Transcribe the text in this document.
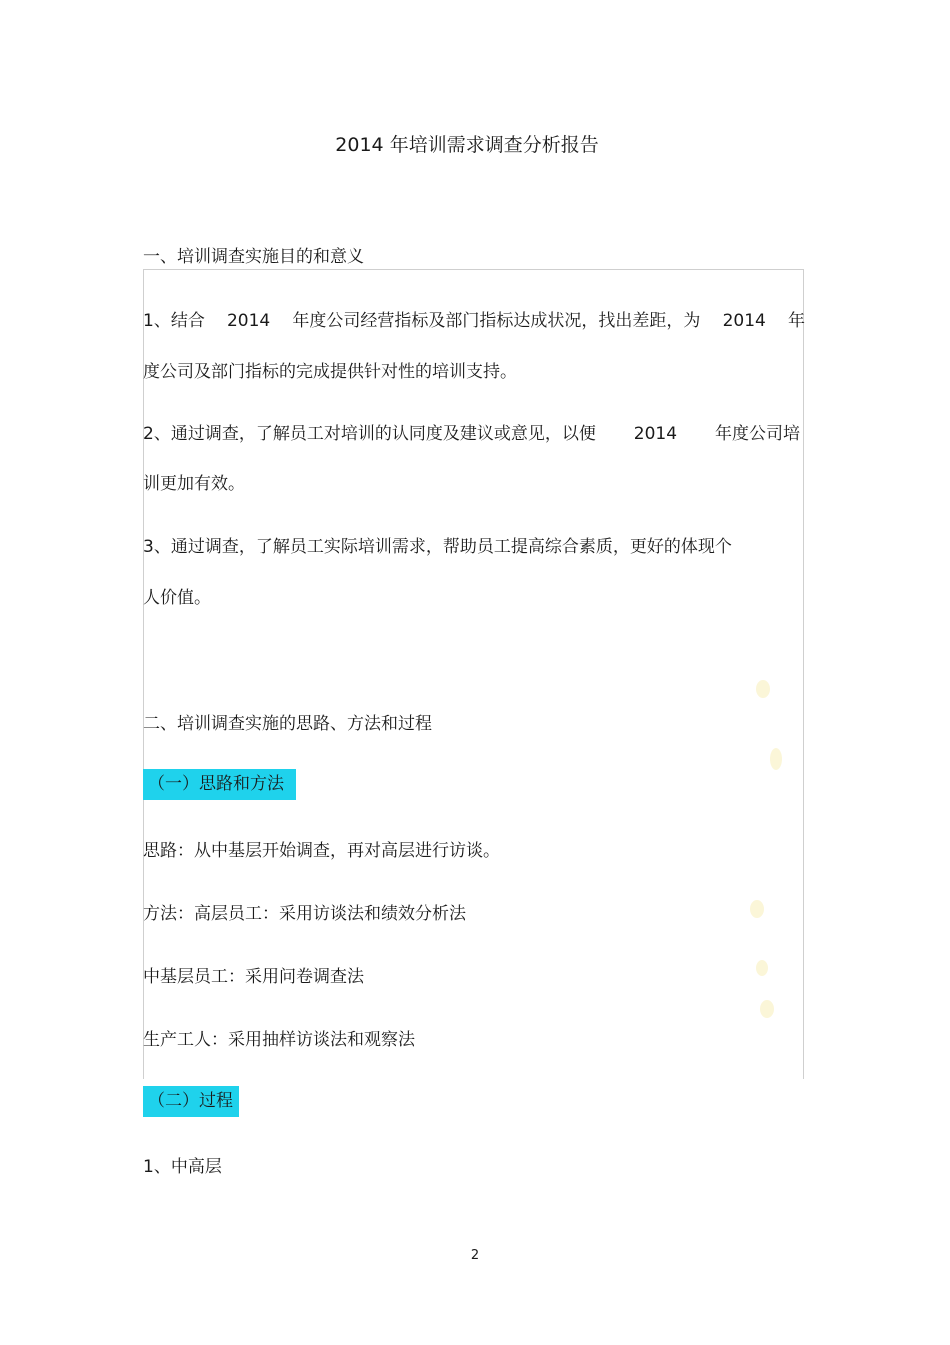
2014 年培训需求调查分析报告
一、培训调查实施目的和意义
1、结合 2014 年度公司经营指标及部门指标达成状况，找出差距，为 2014 年
度公司及部门指标的完成提供针对性的培训支持。
2、通过调查，了解员工对培训的认同度及建议或意见，以便 2014 年度公司培
训更加有效。
3、通过调查，了解员工实际培训需求，帮助员工提高综合素质，更好的体现个
人价值。
二、培训调查实施的思路、方法和过程
（一）思路和方法
思路：从中基层开始调查，再对高层进行访谈。
方法：高层员工：采用访谈法和绩效分析法
中基层员工：采用问卷调查法
生产工人：采用抽样访谈法和观察法
（二）过程
1、中高层
2
